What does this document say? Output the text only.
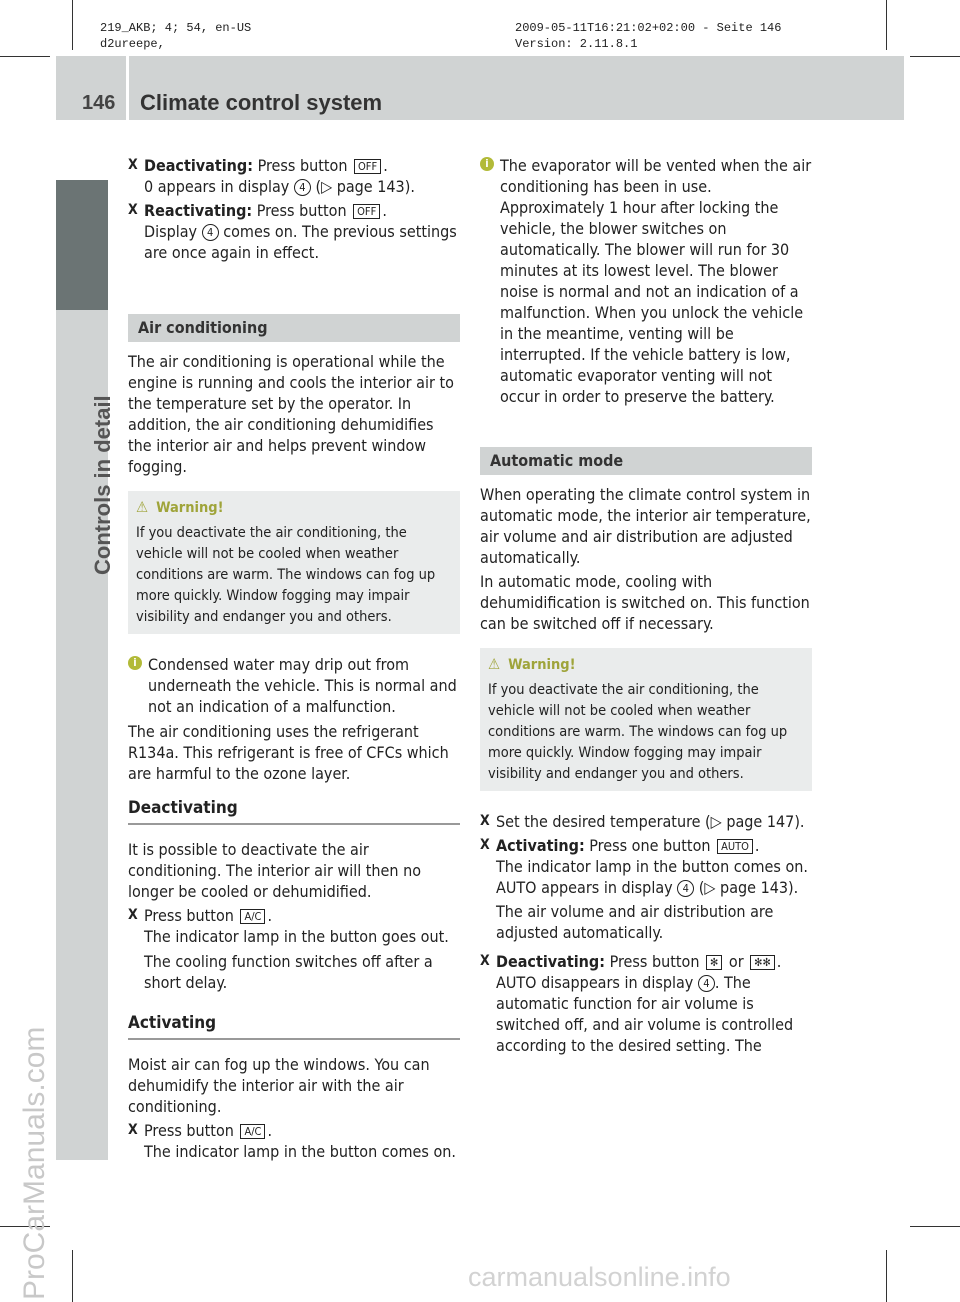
219_AKB; 4; 54, en-US
d2ureepe,
2009-05-11T16:21:02+02:00 - Seite 146
Version: 2.11.8.1
146 Climate control system
Controls in detail
ProCarManuals.com

X Deactivating: Press button OFF .
0 appears in display 4 (▷ page 143).

X Reactivating: Press button OFF .
Display 4 comes on. The previous settings are once again in effect.

Air conditioning

The air conditioning is operational while the engine is running and cools the interior air to the temperature set by the operator. In addition, the air conditioning dehumidifies the interior air and helps prevent window fogging.

⚠ Warning!
If you deactivate the air conditioning, the vehicle will not be cooled when weather conditions are warm. The windows can fog up more quickly. Window fogging may impair visibility and endanger you and others.

i Condensed water may drip out from underneath the vehicle. This is normal and not an indication of a malfunction.

The air conditioning uses the refrigerant R134a. This refrigerant is free of CFCs which are harmful to the ozone layer.

Deactivating

It is possible to deactivate the air conditioning. The interior air will then no longer be cooled or dehumidified.

X Press button A/C .
The indicator lamp in the button goes out.

The cooling function switches off after a short delay.

Activating

Moist air can fog up the windows. You can dehumidify the interior air with the air conditioning.

X Press button A/C .
The indicator lamp in the button comes on.

i The evaporator will be vented when the air conditioning has been in use. Approximately 1 hour after locking the vehicle, the blower switches on automatically. The blower will run for 30 minutes at its lowest level. The blower noise is normal and not an indication of a malfunction. When you unlock the vehicle in the meantime, venting will be interrupted. If the vehicle battery is low, automatic evaporator venting will not occur in order to preserve the battery.

Automatic mode

When operating the climate control system in automatic mode, the interior air temperature, air volume and air distribution are adjusted automatically.

In automatic mode, cooling with dehumidification is switched on. This function can be switched off if necessary.

⚠ Warning!
If you deactivate the air conditioning, the vehicle will not be cooled when weather conditions are warm. The windows can fog up more quickly. Window fogging may impair visibility and endanger you and others.

X Set the desired temperature (▷ page 147).

X Activating: Press one button AUTO .
The indicator lamp in the button comes on.
AUTO appears in display 4 (▷ page 143).

The air volume and air distribution are adjusted automatically.

X Deactivating: Press button ✻ or ✻✻ .
AUTO disappears in display 4 . The automatic function for air volume is switched off, and air volume is controlled according to the desired setting. The

carmanualsonline.info
